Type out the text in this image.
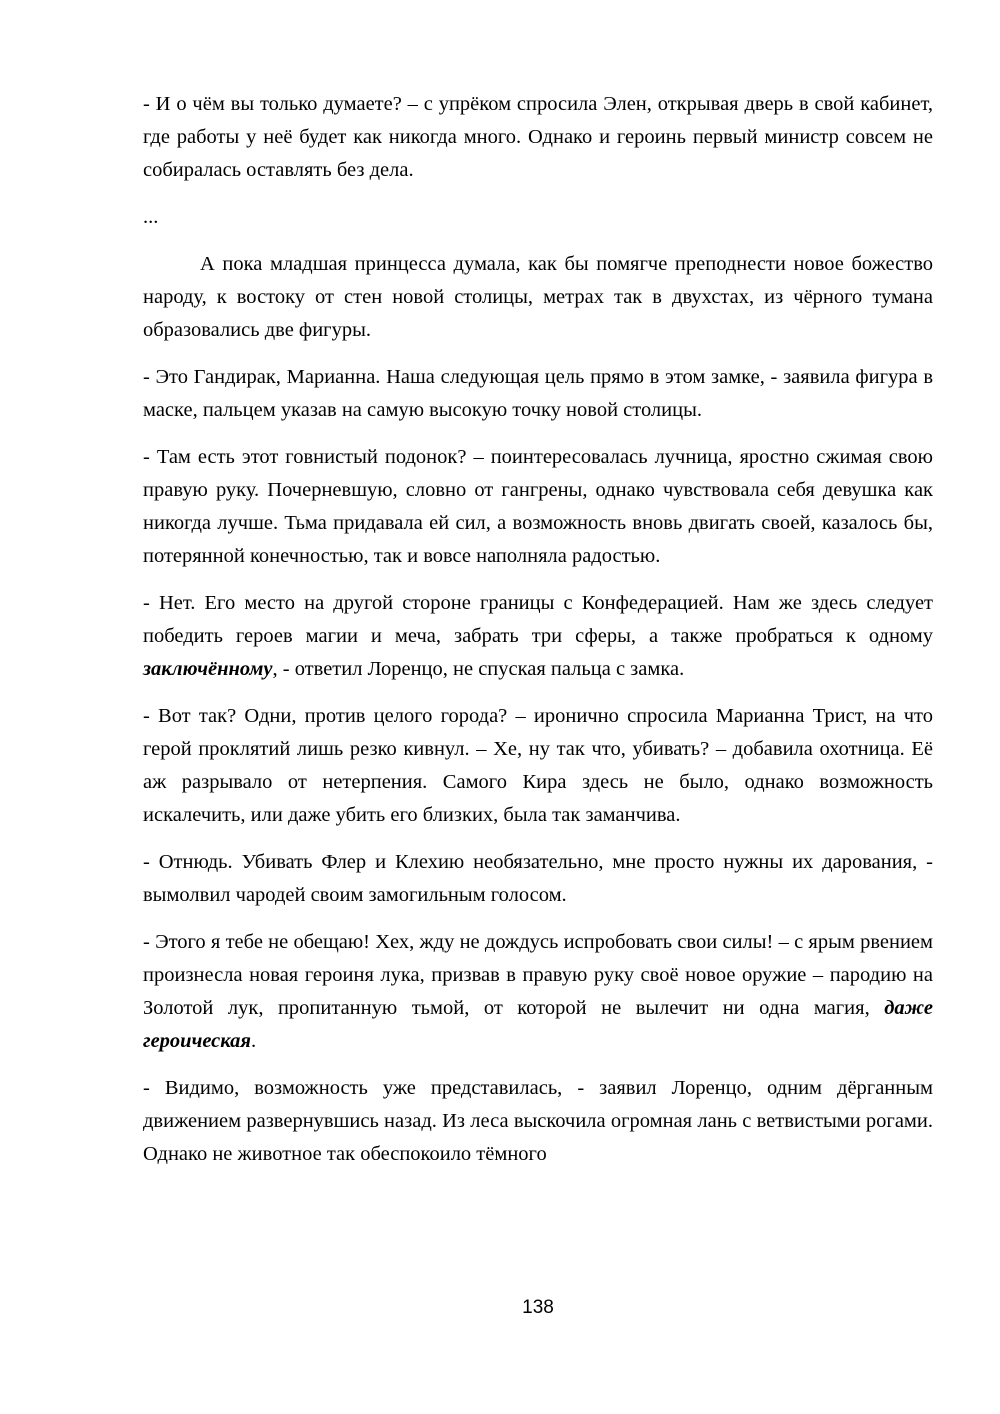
- И о чём вы только думаете? – с упрёком спросила Элен, открывая дверь в свой кабинет, где работы у неё будет как никогда много. Однако и героинь первый министр совсем не собиралась оставлять без дела.

...

А пока младшая принцесса думала, как бы помягче преподнести новое божество народу, к востоку от стен новой столицы, метрах так в двухстах, из чёрного тумана образовались две фигуры.

- Это Гандирак, Марианна. Наша следующая цель прямо в этом замке, - заявила фигура в маске, пальцем указав на самую высокую точку новой столицы.

- Там есть этот говнистый подонок? – поинтересовалась лучница, яростно сжимая свою правую руку. Почерневшую, словно от гангрены, однако чувствовала себя девушка как никогда лучше. Тьма придавала ей сил, а возможность вновь двигать своей, казалось бы, потерянной конечностью, так и вовсе наполняла радостью.

- Нет. Его место на другой стороне границы с Конфедерацией. Нам же здесь следует победить героев магии и меча, забрать три сферы, а также пробраться к одному заключённому, - ответил Лоренцо, не спуская пальца с замка.

- Вот так? Одни, против целого города? – иронично спросила Марианна Трист, на что герой проклятий лишь резко кивнул. – Хе, ну так что, убивать? – добавила охотница. Её аж разрывало от нетерпения. Самого Кира здесь не было, однако возможность искалечить, или даже убить его близких, была так заманчива.

- Отнюдь. Убивать Флер и Клехию необязательно, мне просто нужны их дарования, - вымолвил чародей своим замогильным голосом.

- Этого я тебе не обещаю! Хех, жду не дождусь испробовать свои силы! – с ярым рвением произнесла новая героиня лука, призвав в правую руку своё новое оружие – пародию на Золотой лук, пропитанную тьмой, от которой не вылечит ни одна магия, даже героическая.

- Видимо, возможность уже представилась, - заявил Лоренцо, одним дёрганным движением развернувшись назад. Из леса выскочила огромная лань с ветвистыми рогами. Однако не животное так обеспокоило тёмного

138
